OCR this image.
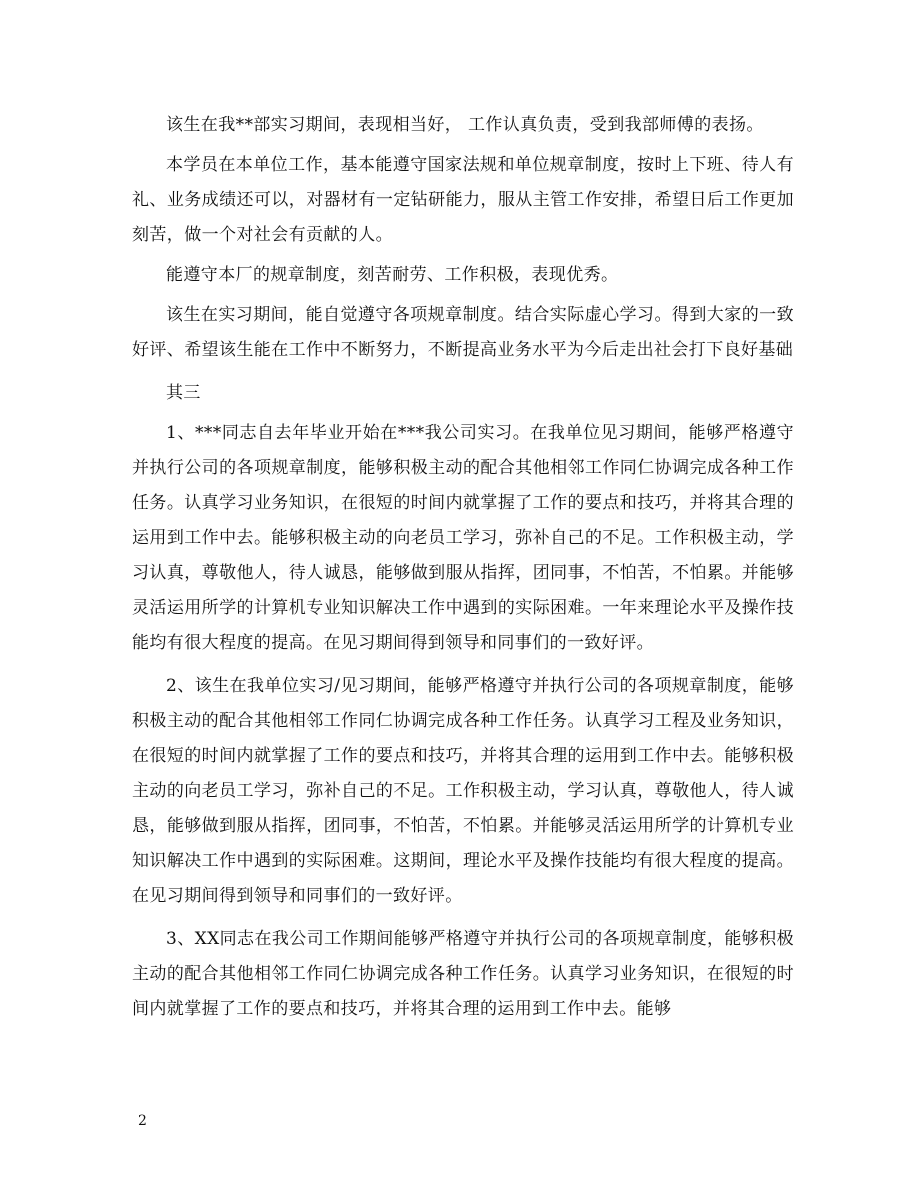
该生在我**部实习期间，表现相当好， 工作认真负责，受到我部师傅的表扬。

本学员在本单位工作，基本能遵守国家法规和单位规章制度，按时上下班、待人有礼、业务成绩还可以，对器材有一定钻研能力，服从主管工作安排，希望日后工作更加刻苦，做一个对社会有贡献的人。

能遵守本厂的规章制度，刻苦耐劳、工作积极，表现优秀。

该生在实习期间，能自觉遵守各项规章制度。结合实际虚心学习。得到大家的一致好评、希望该生能在工作中不断努力，不断提高业务水平为今后走出社会打下良好基础

其三

1、***同志自去年毕业开始在***我公司实习。在我单位见习期间，能够严格遵守并执行公司的各项规章制度，能够积极主动的配合其他相邻工作同仁协调完成各种工作任务。认真学习业务知识，在很短的时间内就掌握了工作的要点和技巧，并将其合理的运用到工作中去。能够积极主动的向老员工学习，弥补自己的不足。工作积极主动，学习认真，尊敬他人，待人诚恳，能够做到服从指挥，团同事，不怕苦，不怕累。并能够灵活运用所学的计算机专业知识解决工作中遇到的实际困难。一年来理论水平及操作技能均有很大程度的提高。在见习期间得到领导和同事们的一致好评。

2、该生在我单位实习/见习期间，能够严格遵守并执行公司的各项规章制度，能够积极主动的配合其他相邻工作同仁协调完成各种工作任务。认真学习工程及业务知识，在很短的时间内就掌握了工作的要点和技巧，并将其合理的运用到工作中去。能够积极主动的向老员工学习，弥补自己的不足。工作积极主动，学习认真，尊敬他人，待人诚恳，能够做到服从指挥，团同事，不怕苦，不怕累。并能够灵活运用所学的计算机专业知识解决工作中遇到的实际困难。这期间，理论水平及操作技能均有很大程度的提高。在见习期间得到领导和同事们的一致好评。

3、XX同志在我公司工作期间能够严格遵守并执行公司的各项规章制度，能够积极主动的配合其他相邻工作同仁协调完成各种工作任务。认真学习业务知识，在很短的时间内就掌握了工作的要点和技巧，并将其合理的运用到工作中去。能够

2
